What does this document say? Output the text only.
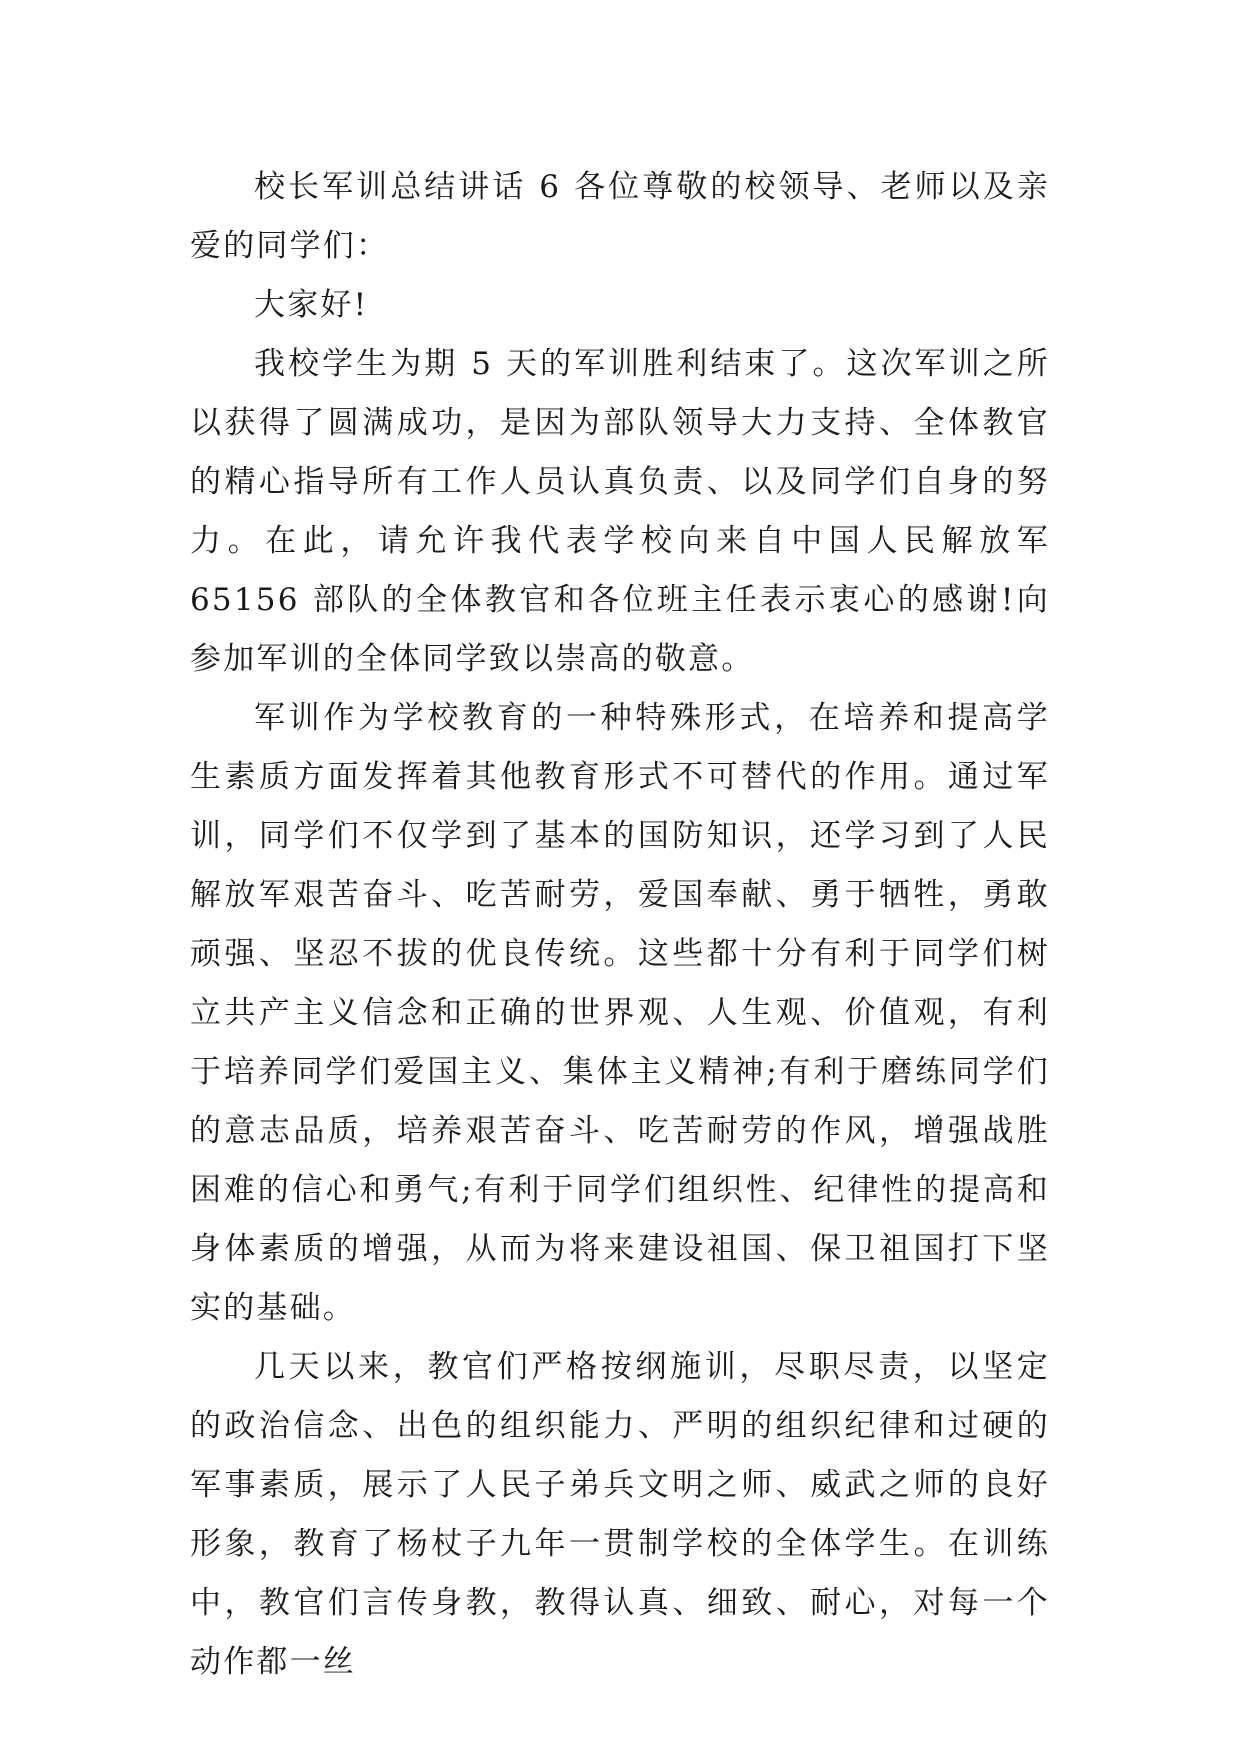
校长军训总结讲话 6 各位尊敬的校领导、老师以及亲爱的同学们：

大家好!

我校学生为期 5 天的军训胜利结束了。这次军训之所以获得了圆满成功，是因为部队领导大力支持、全体教官的精心指导所有工作人员认真负责、以及同学们自身的努力。在此，请允许我代表学校向来自中国人民解放军 65156 部队的全体教官和各位班主任表示衷心的感谢!向参加军训的全体同学致以崇高的敬意。

军训作为学校教育的一种特殊形式，在培养和提高学生素质方面发挥着其他教育形式不可替代的作用。通过军训，同学们不仅学到了基本的国防知识，还学习到了人民解放军艰苦奋斗、吃苦耐劳，爱国奉献、勇于牺牲，勇敢顽强、坚忍不拔的优良传统。这些都十分有利于同学们树立共产主义信念和正确的世界观、人生观、价值观，有利于培养同学们爱国主义、集体主义精神;有利于磨练同学们的意志品质，培养艰苦奋斗、吃苦耐劳的作风，增强战胜困难的信心和勇气;有利于同学们组织性、纪律性的提高和身体素质的增强，从而为将来建设祖国、保卫祖国打下坚实的基础。

几天以来，教官们严格按纲施训，尽职尽责，以坚定的政治信念、出色的组织能力、严明的组织纪律和过硬的军事素质，展示了人民子弟兵文明之师、威武之师的良好形象，教育了杨杖子九年一贯制学校的全体学生。在训练中，教官们言传身教，教得认真、细致、耐心，对每一个动作都一丝
